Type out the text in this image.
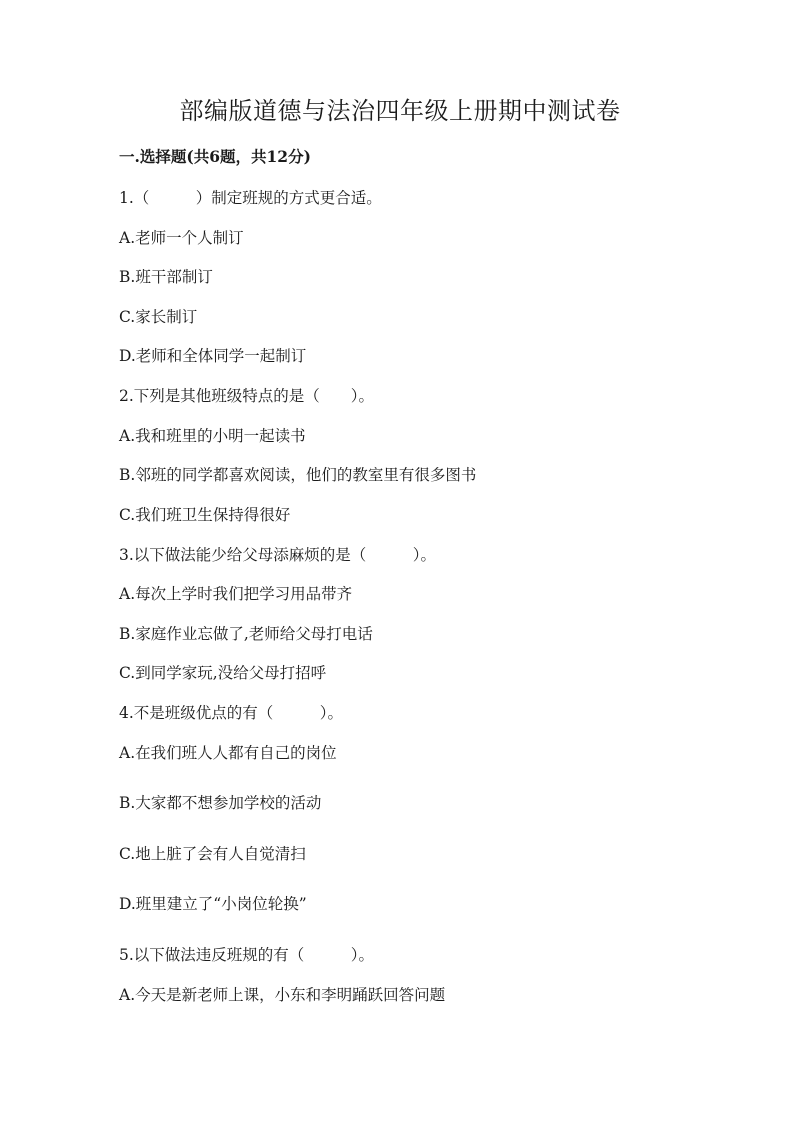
部编版道德与法治四年级上册期中测试卷
一.选择题(共6题，共12分)
1.（　　　）制定班规的方式更合适。
A.老师一个人制订
B.班干部制订
C.家长制订
D.老师和全体同学一起制订
2.下列是其他班级特点的是（　　）。
A.我和班里的小明一起读书
B.邻班的同学都喜欢阅读，他们的教室里有很多图书
C.我们班卫生保持得很好
3.以下做法能少给父母添麻烦的是（　　　）。
A.每次上学时我们把学习用品带齐
B.家庭作业忘做了,老师给父母打电话
C.到同学家玩,没给父母打招呼
4.不是班级优点的有（　　　）。
A.在我们班人人都有自己的岗位
B.大家都不想参加学校的活动
C.地上脏了会有人自觉清扫
D.班里建立了“小岗位轮换”
5.以下做法违反班规的有（　　　）。
A.今天是新老师上课，小东和李明踊跃回答问题
